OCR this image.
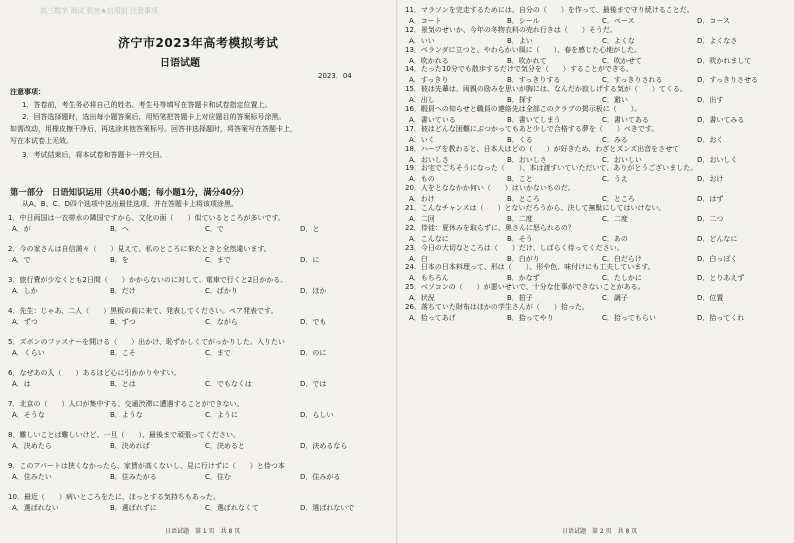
高三数学 测试 机密★启用前 注意事项
济宁市2023年高考模拟考试
日语试题
2023．04
注意事项：
1．答卷前，考生务必将自己的姓名、考生号等填写在答题卡和试卷指定位置上。
2．回答选择题时，选出每小题答案后，用铅笔把答题卡上对应题目的答案标号涂黑。
如需改动，用橡皮擦干净后，再选涂其他答案标号。回答非选择题时，将答案写在答题卡上，
写在本试卷上无效。
3．考试结束后，将本试卷和答题卡一并交回。
第一部分　日语知识运用（共40小题；每小题1分，满分40分）
从A、B、C、D四个选项中选出最佳选项，并在答题卡上将该项涂黑。
1．中日両国は一衣帯水の隣国ですから、文化の面（　　）似ているところが多いです。
A．が	B．へ	C．で	D．と
2．今の家さんは自信満々（　　）見えて、私のところに来たときと全然違います。
A．で	B．を	C．まで	D．に
3．旅行費が少なくとも2日間（　　）かからないのに対して、電車で行くと2日かかる。
A．しか	B．だけ	C．ばかり	D．ほか
4．先生：じゃあ、二人（　　）黒板の前に来て、発表してください。ペア発表です。
A．ずつ	B．ずつ	C．ながら	D．でも
5．ズボンのファスナーを開ける（　　）出かけ、恥ずかしくてがっかりした。入りたい
A．くらい	B．こそ	C．まで	D．のに
6．なぜあの人（　　）あるほど心に引かかりやすい。
A．は	B．とは	C．でもなくは	D．では
7．北京の（　　）人口が集中する、交通渋滞に遭遇することができない。
A．そうな	B．ような	C．ように	D．らしい
8．難しいことは難しいけど、一旦（　　）、最後まで頑張ってください。
A．決めたら	B．決めれば	C．決めると	D．決めるなら
9．このアパートは狭くなかったら、家賃が高くないし、見に行けずに（　　）と侍つ本
A．住みたい	B．住みたがる	C．住む	D．住みがる
10．最近（　　）病いところをたに、ほっとする気持ちもあった。
A．選ばれない	B．選ばれずに	C．選ばれなくて	D．選ばれないで
日语试题　第 1 页　共 8 页
11．マラソンを完走するためには、自分の（　　）を作って、最後まで守り続けることだ。
A．コート	B．シール	C．ペース	D．コース
12．景気のせいか、今年の冬物衣料の売れ行きは（　　）そうだ。
A．いい	B．よい	C．よくな	D．よくなさ
13．ベランダに立つと、やわらかい風に（　　）、春を感じた心地がした。
A．吹かれる	B．吹かれて	C．吹かせて	D．吹かれまして
14．たった10分でも散歩するだけで気分を（　　）することができる。
A．すっきり	B．すっきりする	C．すっきりされる	D．すっきりさせる
15．彼は先輩は、両親の励みを思いが胸には、なんだか寂しげする気が（　　）てくる。
A．出し	B．探す	C．避い	D．出す
16．暇員への知らせと職員の連絡先は全部このクラブの掲示板に（　　）。
A．書いている	B．書いてしまう	C．書いてある	D．書いてみる
17．彼はどんな困難にぶつかってもあと少しで合格する夢を（　　）べきです。
A．いく	B．くる	C．みる	D．おく
18．ハーブを教わると、日本人はどの（　　）が好きため、わざとズンズ出音をさせて
A．おいしさ	B．おいしさ	C．おいしい	D．おいしく
19．お宅でごちそうになった（　　）、本は渡すいていただいて、ありがとうございました。
A．もの	B．こと	C．うえ	D．おけ
20．人をとななかか何い（　　）はいかないものだ。
A．わけ	B．ところ	C．ところ	D．はず
21．こんなチャンスは（　　）とないだろうから、決して無駄にしてはいけない。
A．二回	B．二度	C．二度	D．二つ
22．侍徒：夏休みを取らずに、奥さんに怒られるの？
A．こんなに	B．そう	C．あの	D．どんなに
23．今日の大切なところは（　　）だけ、しばらく待ってください。
A．白	B．白がり	C．白だらけ	D．白っぽく
24．日本の日本料理って、形は（　　）、形や色、味付けにも工夫しています。
A．もちろん	B．かなず	C．たしかに	D．とりあえず
25．ベソコンの（　　）が悪いせいで、十分な仕事ができないことがある。
A．状況	B．拍子	C．調子	D．位置
26．落ちていた財布はほかの学生さんが（　　）拾った。
A．拾ってあげ	B．拾ってやり	C．拾ってもらい	D．拾ってくれ
日语试题　第 2 页　共 8 页
